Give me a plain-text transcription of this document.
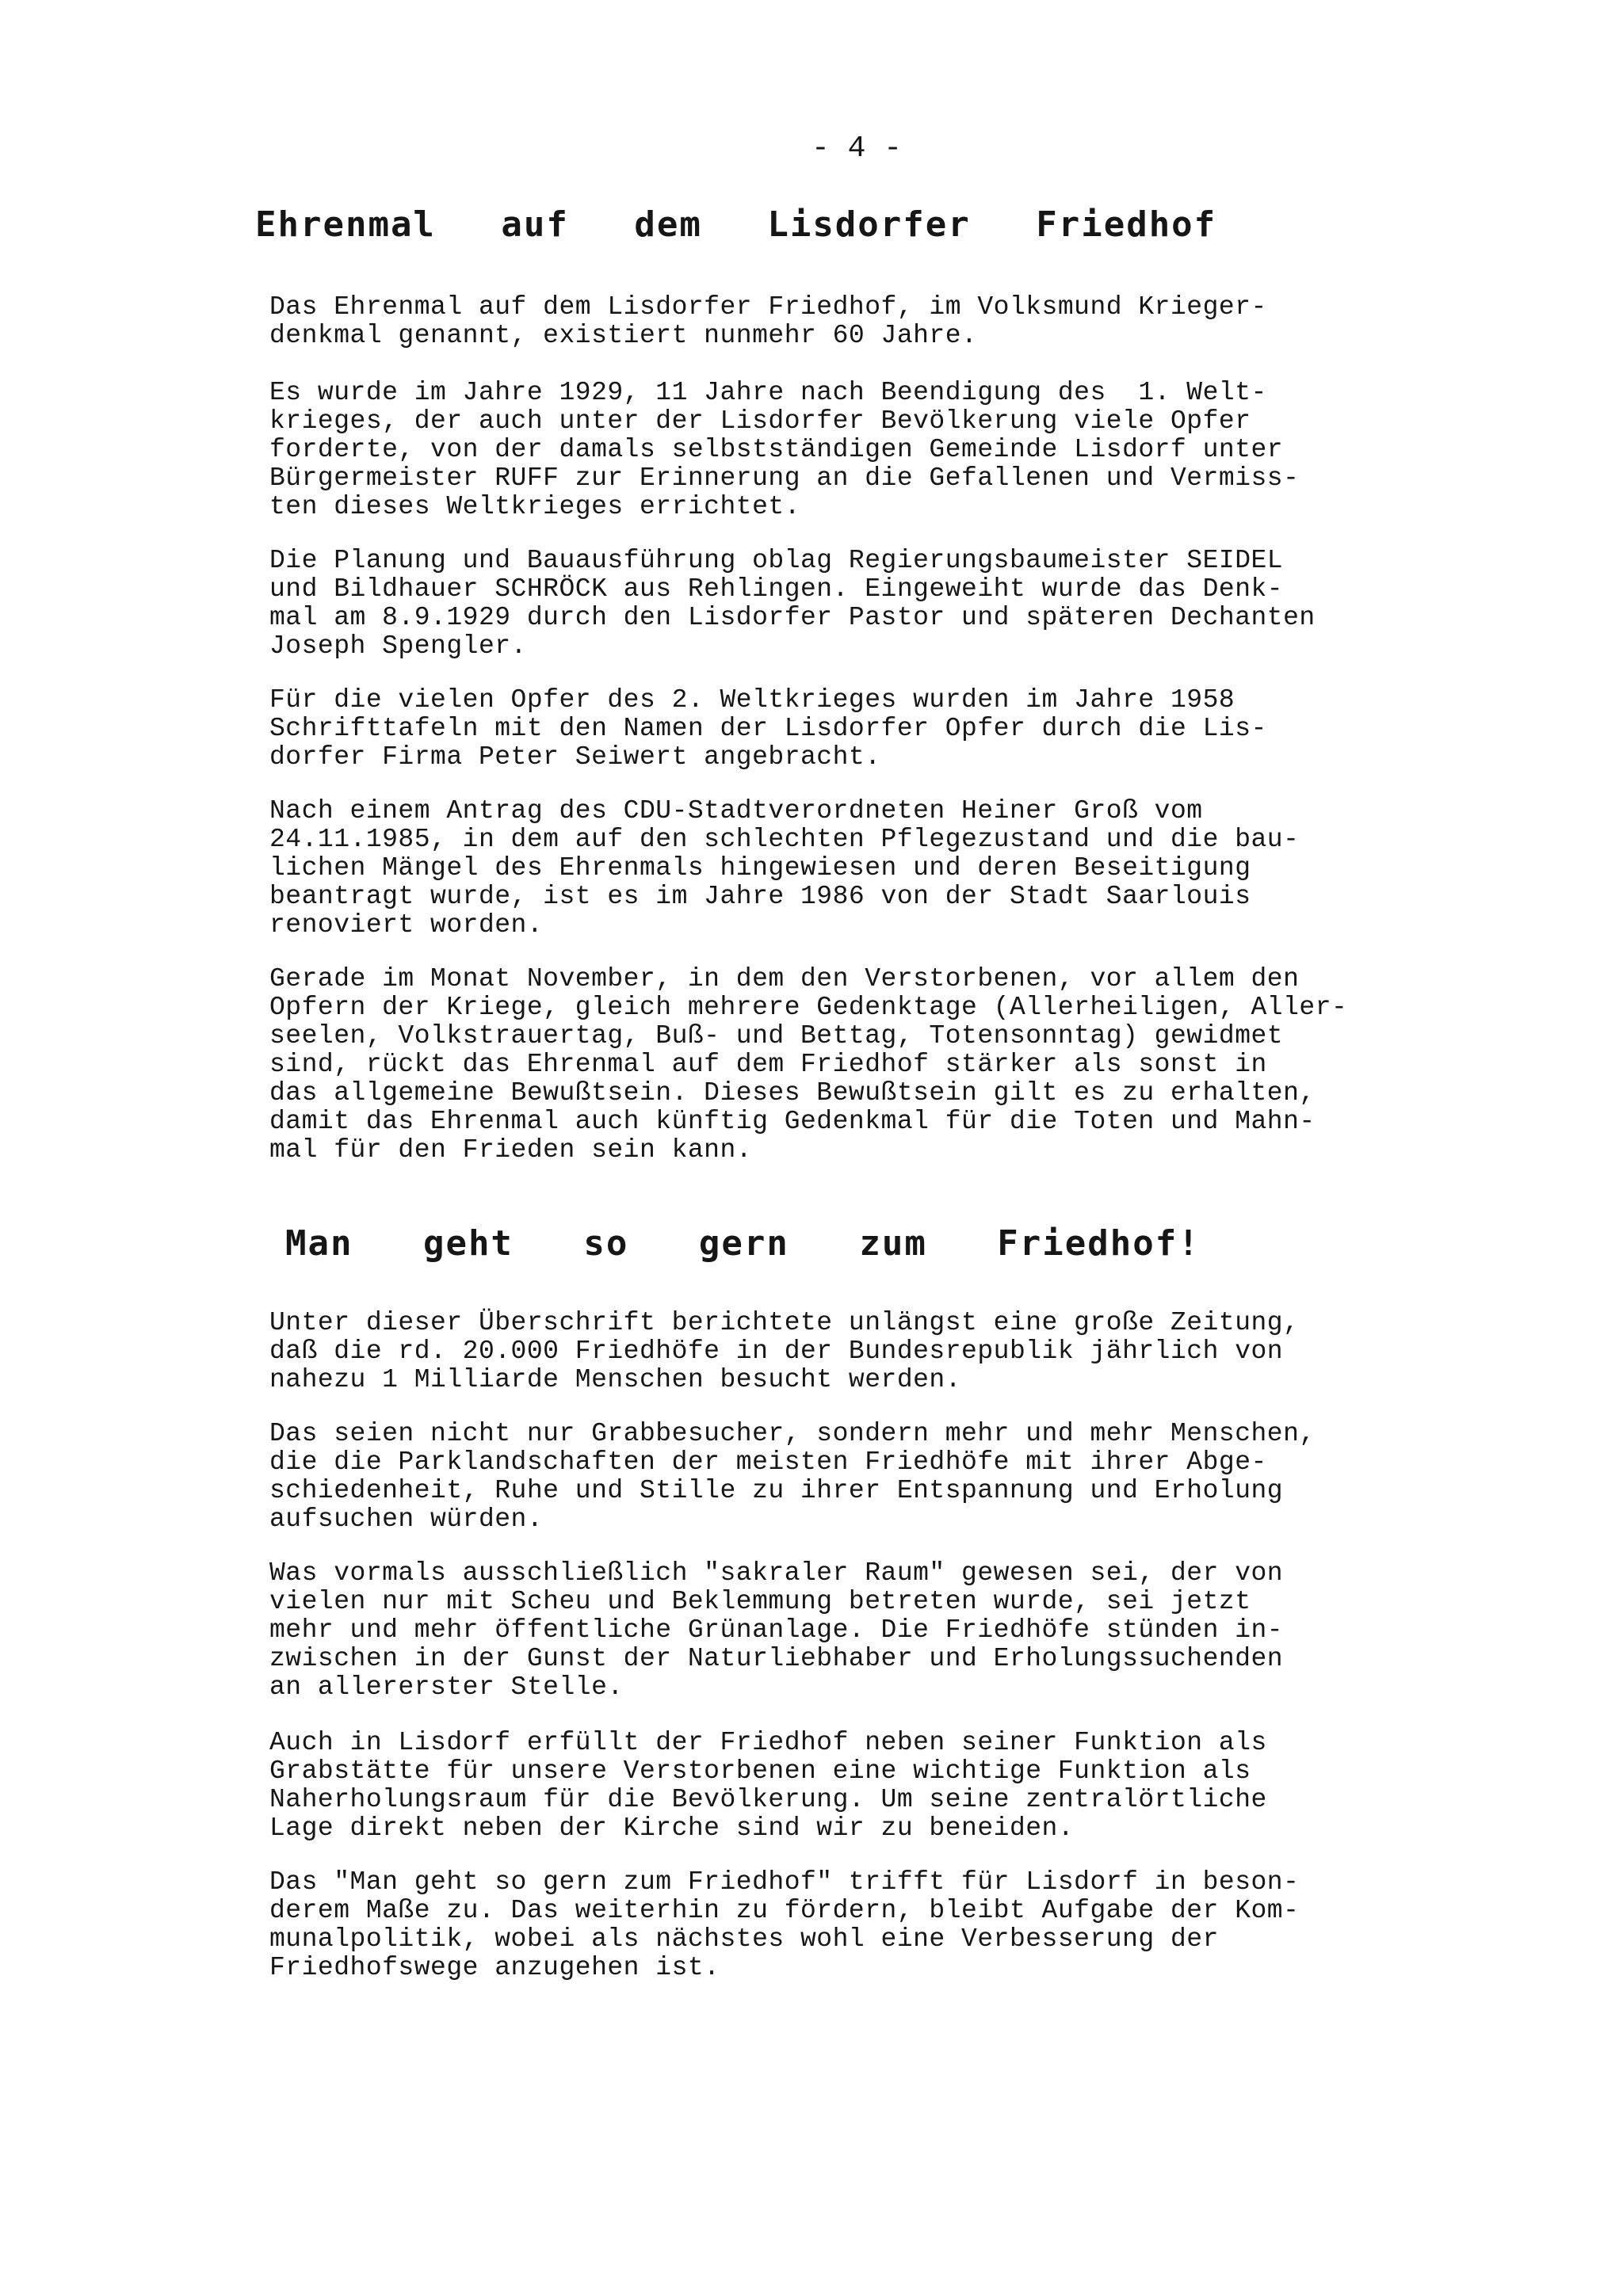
- 4 -
Ehrenmal auf dem Lisdorfer Friedhof
Das Ehrenmal auf dem Lisdorfer Friedhof, im Volksmund Krieger-
denkmal genannt, existiert nunmehr 60 Jahre.
Es wurde im Jahre 1929, 11 Jahre nach Beendigung des  1. Welt-
krieges, der auch unter der Lisdorfer Bevölkerung viele Opfer
forderte, von der damals selbstständigen Gemeinde Lisdorf unter
Bürgermeister RUFF zur Erinnerung an die Gefallenen und Vermiss-
ten dieses Weltkrieges errichtet.
Die Planung und Bauausführung oblag Regierungsbaumeister SEIDEL
und Bildhauer SCHRÖCK aus Rehlingen. Eingeweiht wurde das Denk-
mal am 8.9.1929 durch den Lisdorfer Pastor und späteren Dechanten
Joseph Spengler.
Für die vielen Opfer des 2. Weltkrieges wurden im Jahre 1958
Schrifttafeln mit den Namen der Lisdorfer Opfer durch die Lis-
dorfer Firma Peter Seiwert angebracht.
Nach einem Antrag des CDU-Stadtverordneten Heiner Groß vom
24.11.1985, in dem auf den schlechten Pflegezustand und die bau-
lichen Mängel des Ehrenmals hingewiesen und deren Beseitigung
beantragt wurde, ist es im Jahre 1986 von der Stadt Saarlouis
renoviert worden.
Gerade im Monat November, in dem den Verstorbenen, vor allem den
Opfern der Kriege, gleich mehrere Gedenktage (Allerheiligen, Aller-
seelen, Volkstrauertag, Buß- und Bettag, Totensonntag) gewidmet
sind, rückt das Ehrenmal auf dem Friedhof stärker als sonst in
das allgemeine Bewußtsein. Dieses Bewußtsein gilt es zu erhalten,
damit das Ehrenmal auch künftig Gedenkmal für die Toten und Mahn-
mal für den Frieden sein kann.
Man geht so gern zum Friedhof!
Unter dieser Überschrift berichtete unlängst eine große Zeitung,
daß die rd. 20.000 Friedhöfe in der Bundesrepublik jährlich von
nahezu 1 Milliarde Menschen besucht werden.
Das seien nicht nur Grabbesucher, sondern mehr und mehr Menschen,
die die Parklandschaften der meisten Friedhöfe mit ihrer Abge-
schiedenheit, Ruhe und Stille zu ihrer Entspannung und Erholung
aufsuchen würden.
Was vormals ausschließlich "sakraler Raum" gewesen sei, der von
vielen nur mit Scheu und Beklemmung betreten wurde, sei jetzt
mehr und mehr öffentliche Grünanlage. Die Friedhöfe stünden in-
zwischen in der Gunst der Naturliebhaber und Erholungssuchenden
an allererster Stelle.
Auch in Lisdorf erfüllt der Friedhof neben seiner Funktion als
Grabstätte für unsere Verstorbenen eine wichtige Funktion als
Naherholungsraum für die Bevölkerung. Um seine zentralörtliche
Lage direkt neben der Kirche sind wir zu beneiden.
Das "Man geht so gern zum Friedhof" trifft für Lisdorf in beson-
derem Maße zu. Das weiterhin zu fördern, bleibt Aufgabe der Kom-
munalpolitik, wobei als nächstes wohl eine Verbesserung der
Friedhofswege anzugehen ist.
